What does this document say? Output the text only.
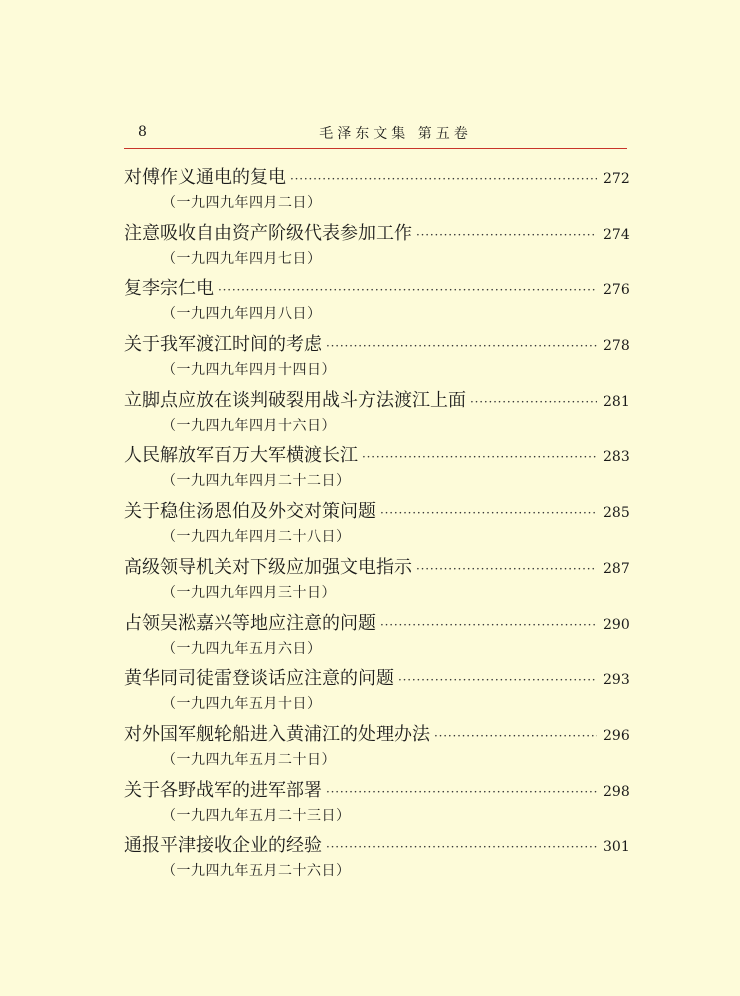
8	毛泽东文集 第五卷
对傅作义通电的复电 ·····	272
（一九四九年四月二日）
注意吸收自由资产阶级代表参加工作 ·····	274
（一九四九年四月七日）
复李宗仁电 ·····	276
（一九四九年四月八日）
关于我军渡江时间的考虑 ·····	278
（一九四九年四月十四日）
立脚点应放在谈判破裂用战斗方法渡江上面 ·····	281
（一九四九年四月十六日）
人民解放军百万大军横渡长江 ·····	283
（一九四九年四月二十二日）
关于稳住汤恩伯及外交对策问题 ·····	285
（一九四九年四月二十八日）
高级领导机关对下级应加强文电指示 ·····	287
（一九四九年四月三十日）
占领吴淞嘉兴等地应注意的问题 ·····	290
（一九四九年五月六日）
黄华同司徒雷登谈话应注意的问题 ·····	293
（一九四九年五月十日）
对外国军舰轮船进入黄浦江的处理办法 ·····	296
（一九四九年五月二十日）
关于各野战军的进军部署 ·····	298
（一九四九年五月二十三日）
通报平津接收企业的经验 ·····	301
（一九四九年五月二十六日）
